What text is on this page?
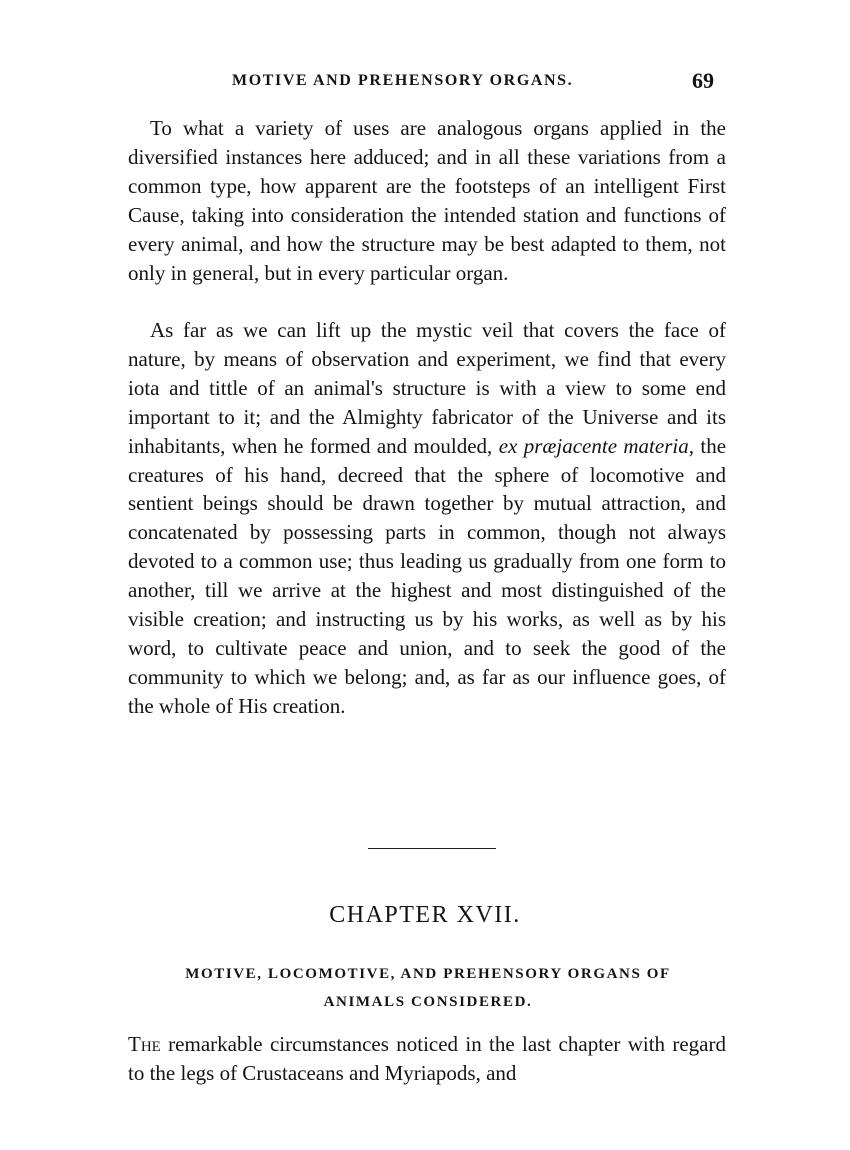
MOTIVE AND PREHENSORY ORGANS.	69

To what a variety of uses are analogous organs applied in the diversified instances here adduced; and in all these variations from a common type, how apparent are the footsteps of an intelligent First Cause, taking into consideration the intended station and functions of every animal, and how the structure may be best adapted to them, not only in general, but in every particular organ.

As far as we can lift up the mystic veil that covers the face of nature, by means of observation and experiment, we find that every iota and tittle of an animal's structure is with a view to some end important to it; and the Almighty fabricator of the Universe and its inhabitants, when he formed and moulded, ex præjacente materia, the creatures of his hand, decreed that the sphere of locomotive and sentient beings should be drawn together by mutual attraction, and concatenated by possessing parts in common, though not always devoted to a common use; thus leading us gradually from one form to another, till we arrive at the highest and most distinguished of the visible creation; and instructing us by his works, as well as by his word, to cultivate peace and union, and to seek the good of the community to which we belong; and, as far as our influence goes, of the whole of His creation.

CHAPTER XVII.
MOTIVE, LOCOMOTIVE, AND PREHENSORY ORGANS OF
ANIMALS CONSIDERED.

The remarkable circumstances noticed in the last chapter with regard to the legs of Crustaceans and Myriapods, and
